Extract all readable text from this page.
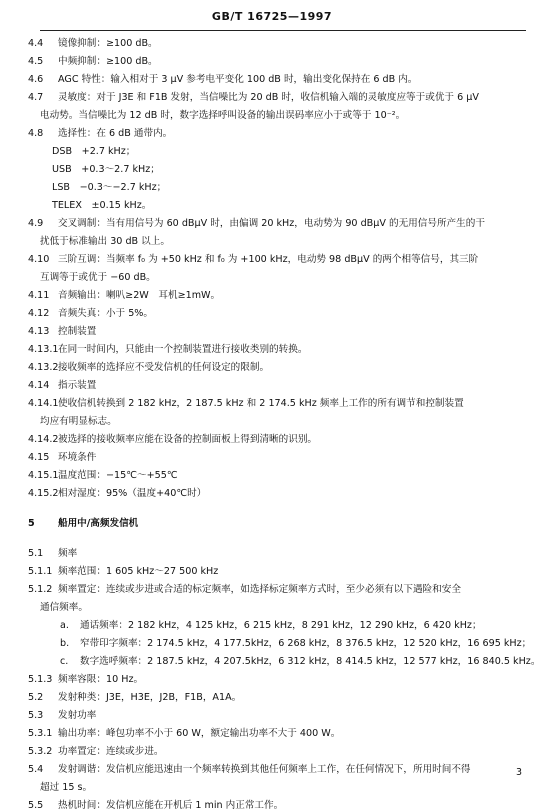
GB/T 16725—1997
4.4 镜像抑制：≥100 dB。
4.5 中频抑制：≥100 dB。
4.6 AGC 特性：输入相对于 3 μV 参考电平变化 100 dB 时，输出变化保持在 6 dB 内。
4.7 灵敏度：对于 J3E 和 F1B 发射，当信噪比为 20 dB 时，收信机输入端的灵敏度应等于或优于 6 μV
电动势。当信噪比为 12 dB 时，数字选择呼叫设备的输出误码率应小于或等于 10⁻²。
4.8 选择性：在 6 dB 通带内。
DSB　+2.7 kHz；
USB　+0.3～2.7 kHz；
LSB　−0.3～−2.7 kHz；
TELEX　±0.15 kHz。
4.9 交叉调制：当有用信号为 60 dBμV 时，由偏调 20 kHz，电动势为 90 dBμV 的无用信号所产生的干
扰低于标准输出 30 dB 以上。
4.10 三阶互调：当频率 f₀ 为 +50 kHz 和 f₀ 为 +100 kHz，电动势 98 dBμV 的两个相等信号，其三阶
互调等于或优于 −60 dB。
4.11 音频输出：喇叭≥2W　耳机≥1mW。
4.12 音频失真：小于 5%。
4.13 控制装置
4.13.1 在同一时间内，只能由一个控制装置进行接收类别的转换。
4.13.2 接收频率的选择应不受发信机的任何设定的限制。
4.14 指示装置
4.14.1 使收信机转换到 2 182 kHz，2 187.5 kHz 和 2 174.5 kHz 频率上工作的所有调节和控制装置
均应有明显标志。
4.14.2 被选择的接收频率应能在设备的控制面板上得到清晰的识别。
4.15 环境条件
4.15.1 温度范围：−15℃～+55℃
4.15.2 相对湿度：95%（温度+40℃时）
5 船用中/高频发信机
5.1 频率
5.1.1 频率范围：1 605 kHz～27 500 kHz
5.1.2 频率置定：连续或步进或合适的标定频率，如选择标定频率方式时，至少必须有以下遇险和安全
通信频率。
a. 通话频率：2 182 kHz，4 125 kHz，6 215 kHz，8 291 kHz，12 290 kHz，6 420 kHz；
b. 窄带印字频率：2 174.5 kHz，4 177.5kHz，6 268 kHz，8 376.5 kHz，12 520 kHz，16 695 kHz；
c. 数字选呼频率：2 187.5 kHz，4 207.5kHz，6 312 kHz，8 414.5 kHz，12 577 kHz，16 840.5 kHz。
5.1.3 频率容限：10 Hz。
5.2 发射种类：J3E，H3E，J2B，F1B，A1A。
5.3 发射功率
5.3.1 输出功率：峰包功率不小于 60 W，额定输出功率不大于 400 W。
5.3.2 功率置定：连续或步进。
5.4 发射调谐：发信机应能迅速由一个频率转换到其他任何频率上工作，在任何情况下，所用时间不得
超过 15 s。
5.5 热机时间：发信机应能在开机后 1 min 内正常工作。
3
